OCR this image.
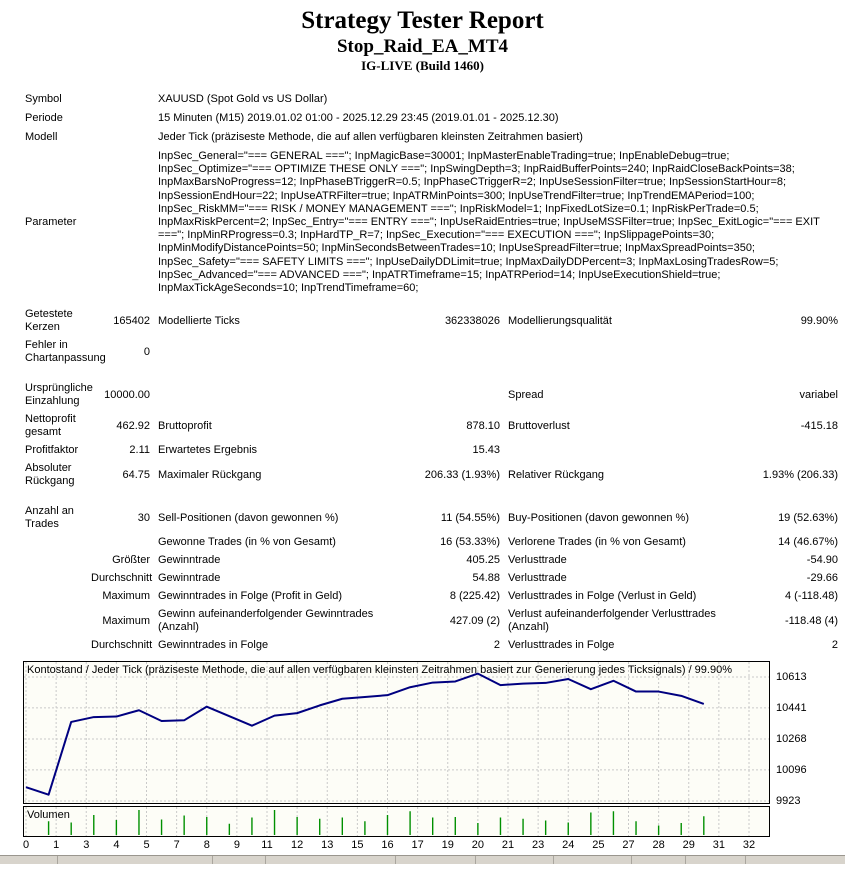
Strategy Tester Report
Stop_Raid_EA_MT4
IG-LIVE (Build 1460)
Symbol	XAUUSD (Spot Gold vs US Dollar)
Periode	15 Minuten (M15) 2019.01.02 01:00 - 2025.12.29 23:45 (2019.01.01 - 2025.12.30)
Modell	Jeder Tick (präziseste Methode, die auf allen verfügbaren kleinsten Zeitrahmen basiert)
Parameter	
InpSec_General="=== GENERAL ==="; InpMagicBase=30001; InpMasterEnableTrading=true; InpEnableDebug=true;
InpSec_Optimize="=== OPTIMIZE THESE ONLY ==="; InpSwingDepth=3; InpRaidBufferPoints=240; InpRaidCloseBackPoints=38;
InpMaxBarsNoProgress=12; InpPhaseBTriggerR=0.5; InpPhaseCTriggerR=2; InpUseSessionFilter=true; InpSessionStartHour=8;
InpSessionEndHour=22; InpUseATRFilter=true; InpATRMinPoints=300; InpUseTrendFilter=true; InpTrendEMAPeriod=100;
InpSec_RiskMM="=== RISK / MONEY MANAGEMENT ==="; InpRiskModel=1; InpFixedLotSize=0.1; InpRiskPerTrade=0.5;
InpMaxRiskPercent=2; InpSec_Entry="=== ENTRY ==="; InpUseRaidEntries=true; InpUseMSSFilter=true; InpSec_ExitLogic="=== EXIT
==="; InpMinRProgress=0.3; InpHardTP_R=7; InpSec_Execution="=== EXECUTION ==="; InpSlippagePoints=30;
InpMinModifyDistancePoints=50; InpMinSecondsBetweenTrades=10; InpUseSpreadFilter=true; InpMaxSpreadPoints=350;
InpSec_Safety="=== SAFETY LIMITS ==="; InpUseDailyDDLimit=true; InpMaxDailyDDPercent=3; InpMaxLosingTradesRow=5;
InpSec_Advanced="=== ADVANCED ==="; InpATRTimeframe=15; InpATRPeriod=14; InpUseExecutionShield=true;
InpMaxTickAgeSeconds=10; InpTrendTimeframe=60;
Getestete Kerzen	165402	Modellierte Ticks	362338026	Modellierungsqualität	99.90%
Fehler in Chartanpassung	0				

Ursprüngliche Einzahlung	10000.00			Spread	variabel
Nettoprofit gesamt	462.92	Bruttoprofit	878.10	Bruttoverlust	-415.18
Profitfaktor	2.11	Erwartetes Ergebnis	15.43		
Absoluter Rückgang	64.75	Maximaler Rückgang	206.33 (1.93%)	Relativer Rückgang	1.93% (206.33)

Anzahl an Trades	30	Sell-Positionen (davon gewonnen %)	11 (54.55%)	Buy-Positionen (davon gewonnen %)	19 (52.63%)
		Gewonne Trades (in % von Gesamt)	16 (53.33%)	Verlorene Trades (in % von Gesamt)	14 (46.67%)
	Größter	Gewinntrade	405.25	Verlusttrade	-54.90
	Durchschnitt	Gewinntrade	54.88	Verlusttrade	-29.66
	Maximum	Gewinntrades in Folge (Profit in Geld)	8 (225.42)	Verlusttrades in Folge (Verlust in Geld)	4 (-118.48)
	Maximum	Gewinn aufeinanderfolgender Gewinntrades (Anzahl)	427.09 (2)	Verlust aufeinanderfolgender Verlusttrades (Anzahl)	-118.48 (4)
	Durchschnitt	Gewinntrades in Folge	2	Verlusttrades in Folge	2
Kontostand / Jeder Tick (präziseste Methode, die auf allen verfügbaren kleinsten Zeitrahmen basiert zur Generierung jedes Ticksignals) / 99.90%
Volumen
10613
10441
10268
10096
9923
0	1	3	4	5	7	8	9	11	12	13	15	16	17	19	20	21	23	24	25	27	28	29	31	32
